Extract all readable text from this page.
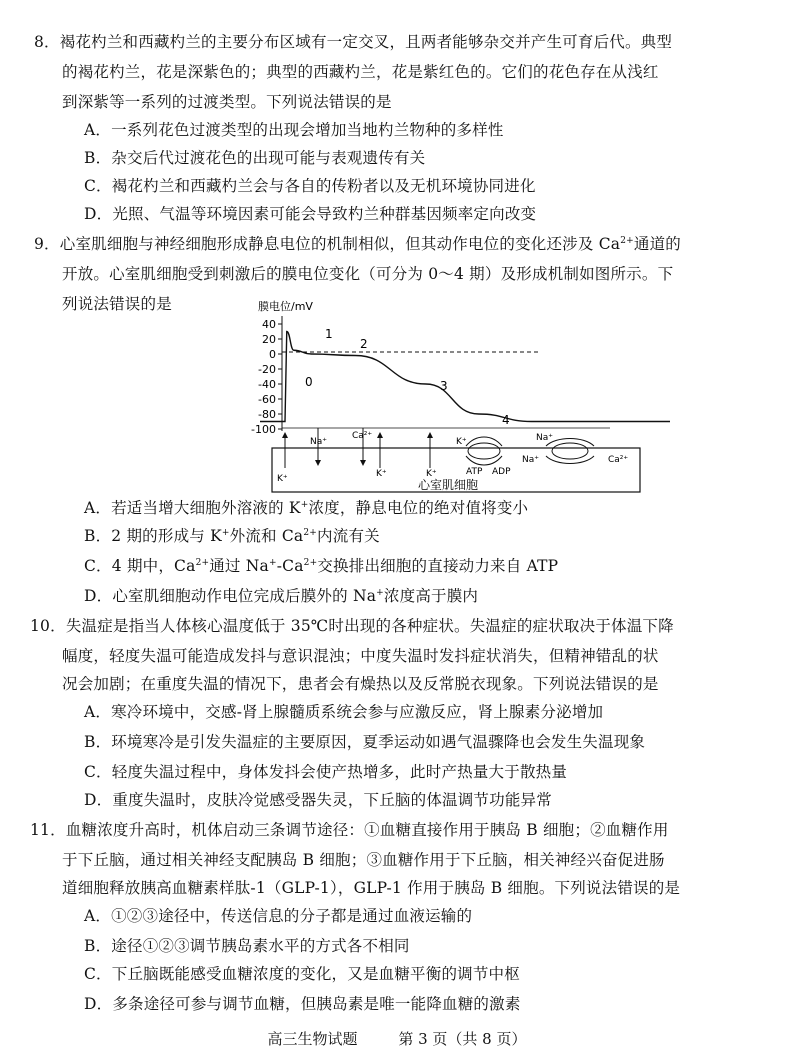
8．褐花杓兰和西藏杓兰的主要分布区域有一定交叉，且两者能够杂交并产生可育后代。典型
的褐花杓兰，花是深紫色的；典型的西藏杓兰，花是紫红色的。它们的花色存在从浅红
到深紫等一系列的过渡类型。下列说法错误的是
A．一系列花色过渡类型的出现会增加当地杓兰物种的多样性
B．杂交后代过渡花色的出现可能与表观遗传有关
C．褐花杓兰和西藏杓兰会与各自的传粉者以及无机环境协同进化
D．光照、气温等环境因素可能会导致杓兰种群基因频率定向改变
9．心室肌细胞与神经细胞形成静息电位的机制相似，但其动作电位的变化还涉及 $Ca^{2+}$通道的
开放。心室肌细胞受到刺激后的膜电位变化（可分为 0～4 期）及形成机制如图所示。下
列说法错误的是	膜电位/mV
40
20
0
-20
-40
-60
-80
-100
0
1
2
3
4
心室肌细胞
K⁺
Na⁺
Ca²⁺
K⁺	K⁺
K⁺
ATP ADP
Na⁺
Na⁺
Ca²⁺
A．若适当增大细胞外溶液的 K+浓度，静息电位的绝对值将变小
B．2 期的形成与 K+外流和 $Ca^{2+}$内流有关
C．4 期中，$Ca^{2+}$通过 $Na^+-Ca^{2+}$交换排出细胞的直接动力来自 ATP
D．心室肌细胞动作电位完成后膜外的 Na+浓度高于膜内
10．失温症是指当人体核心温度低于 35℃时出现的各种症状。失温症的症状取决于体温下降
幅度，轻度失温可能造成发抖与意识混浊；中度失温时发抖症状消失，但精神错乱的状
况会加剧；在重度失温的情况下，患者会有燥热以及反常脱衣现象。下列说法错误的是
A．寒冷环境中，交感-肾上腺髓质系统会参与应激反应，肾上腺素分泌增加
B．环境寒冷是引发失温症的主要原因，夏季运动如遇气温骤降也会发生失温现象
C．轻度失温过程中，身体发抖会使产热增多，此时产热量大于散热量
D．重度失温时，皮肤冷觉感受器失灵，下丘脑的体温调节功能异常
11．血糖浓度升高时，机体启动三条调节途径：①血糖直接作用于胰岛 B 细胞；②血糖作用
于下丘脑，通过相关神经支配胰岛 B 细胞；③血糖作用于下丘脑，相关神经兴奋促进肠
道细胞释放胰高血糖素样肽-1（GLP-1），GLP-1 作用于胰岛 B 细胞。下列说法错误的是
A．①②③途径中，传送信息的分子都是通过血液运输的
B．途径①②③调节胰岛素水平的方式各不相同
C．下丘脑既能感受血糖浓度的变化，又是血糖平衡的调节中枢
D．多条途径可参与调节血糖，但胰岛素是唯一能降血糖的激素
高三生物试题	第 3 页（共 8 页）
